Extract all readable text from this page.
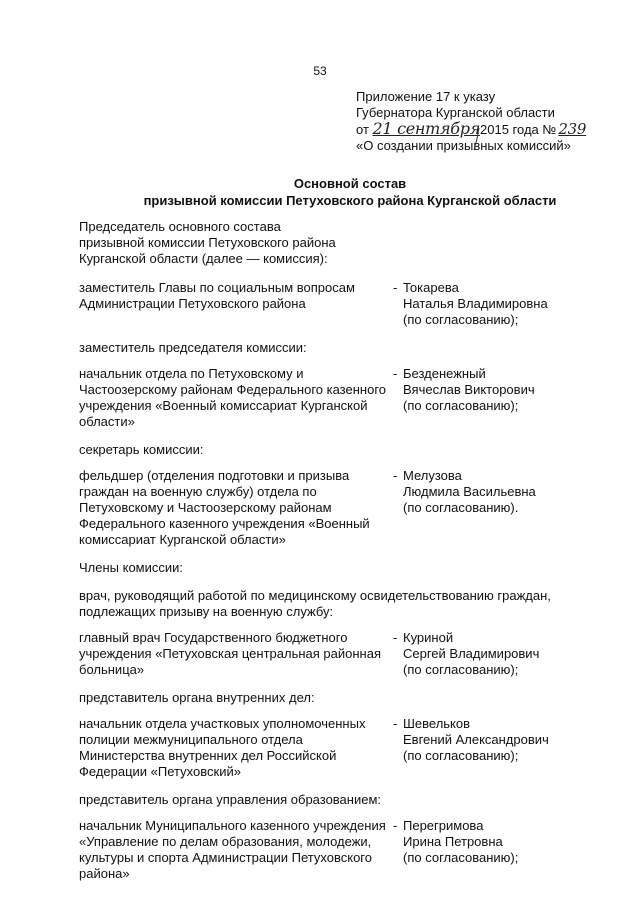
53
Приложение 17 к указу
Губернатора Курганской области
от 21 сентября2015 года № 239
«О создании призывных комиссий»
Основной состав
призывной комиссии Петуховского района Курганской области
Председатель основного состава
призывной комиссии Петуховского района
Курганской области (далее — комиссия):
заместитель Главы по социальным вопросам
Администрации Петуховского района
- Токарева
Наталья Владимировна
(по согласованию);
заместитель председателя комиссии:
начальник отдела по Петуховскому и
Частоозерскому районам Федерального казенного
учреждения «Военный комиссариат Курганской
области»
- Безденежный
Вячеслав Викторович
(по согласованию);
секретарь комиссии:
фельдшер (отделения подготовки и призыва
граждан на военную службу) отдела по
Петуховскому и Частоозерскому районам
Федерального казенного учреждения «Военный
комиссариат Курганской области»
- Мелузова
Людмила Васильевна
(по согласованию).
Члены комиссии:
врач, руководящий работой по медицинскому освидетельствованию граждан, подлежащих призыву на военную службу:
главный врач Государственного бюджетного
учреждения «Петуховская центральная районная
больница»
- Куриной
Сергей Владимирович
(по согласованию);
представитель органа внутренних дел:
начальник отдела участковых уполномоченных
полиции межмуниципального отдела
Министерства внутренних дел Российской
Федерации «Петуховский»
- Шевельков
Евгений Александрович
(по согласованию);
представитель органа управления образованием:
начальник Муниципального казенного учреждения
«Управление по делам образования, молодежи,
культуры и спорта Администрации Петуховского
района»
- Перегримова
Ирина Петровна
(по согласованию);
